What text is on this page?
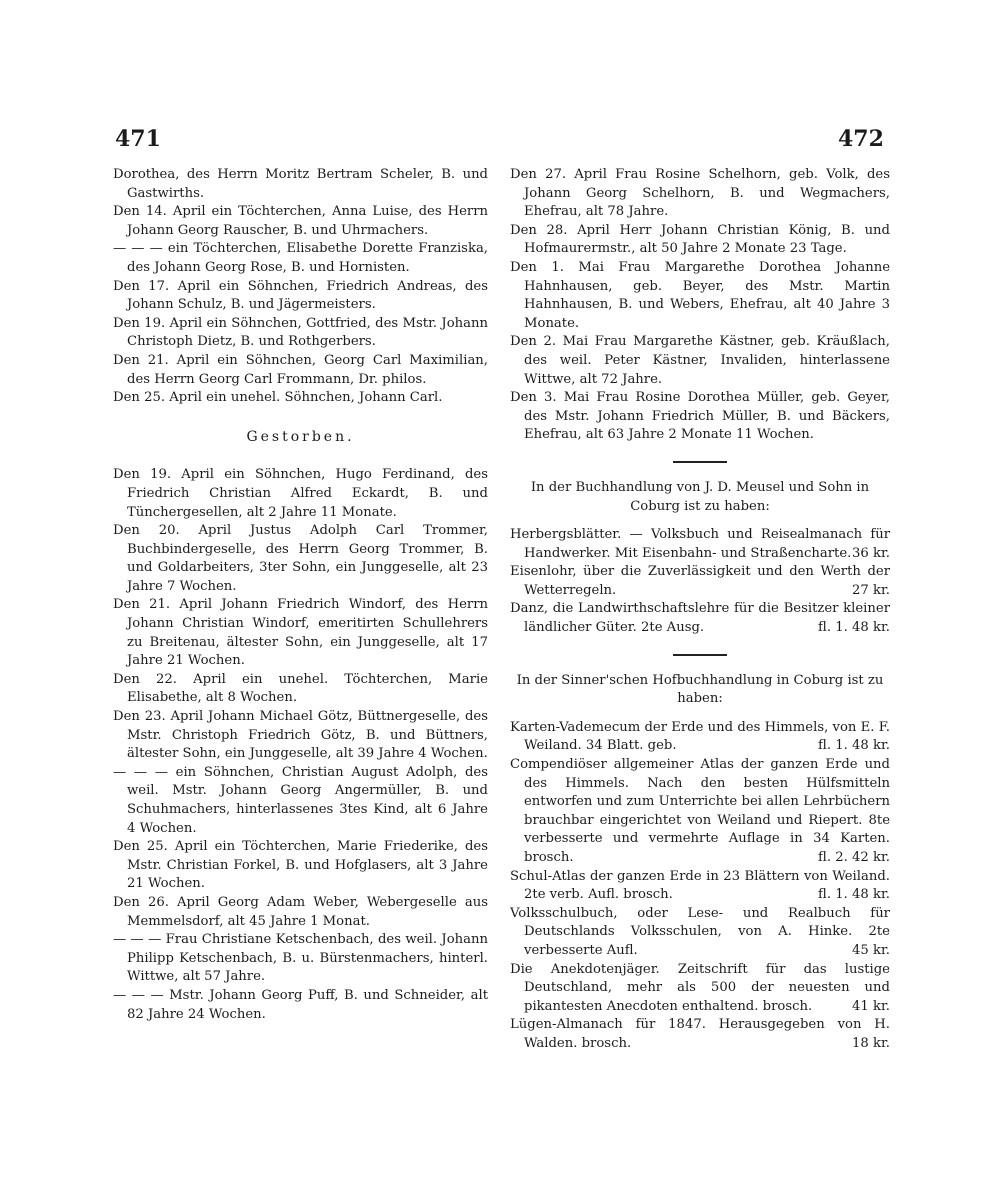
471	472

Dorothea, des Herrn Moritz Bertram Scheler, B. und Gastwirths.

Den 14. April ein Töchterchen, Anna Luise, des Herrn Johann Georg Rauscher, B. und Uhrmachers.

— — — ein Töchterchen, Elisabethe Dorette Franziska, des Johann Georg Rose, B. und Hornisten.

Den 17. April ein Söhnchen, Friedrich Andreas, des Johann Schulz, B. und Jägermeisters.

Den 19. April ein Söhnchen, Gottfried, des Mstr. Johann Christoph Dietz, B. und Rothgerbers.

Den 21. April ein Söhnchen, Georg Carl Maximilian, des Herrn Georg Carl Frommann, Dr. philos.

Den 25. April ein unehel. Söhnchen, Johann Carl.

Gestorben.

Den 19. April ein Söhnchen, Hugo Ferdinand, des Friedrich Christian Alfred Eckardt, B. und Tünchergesellen, alt 2 Jahre 11 Monate.

Den 20. April Justus Adolph Carl Trommer, Buchbindergeselle, des Herrn Georg Trommer, B. und Goldarbeiters, 3ter Sohn, ein Junggeselle, alt 23 Jahre 7 Wochen.

Den 21. April Johann Friedrich Windorf, des Herrn Johann Christian Windorf, emeritirten Schullehrers zu Breitenau, ältester Sohn, ein Junggeselle, alt 17 Jahre 21 Wochen.

Den 22. April ein unehel. Töchterchen, Marie Elisabethe, alt 8 Wochen.

Den 23. April Johann Michael Götz, Büttnergeselle, des Mstr. Christoph Friedrich Götz, B. und Büttners, ältester Sohn, ein Junggeselle, alt 39 Jahre 4 Wochen.

— — — ein Söhnchen, Christian August Adolph, des weil. Mstr. Johann Georg Angermüller, B. und Schuhmachers, hinterlassenes 3tes Kind, alt 6 Jahre 4 Wochen.

Den 25. April ein Töchterchen, Marie Friederike, des Mstr. Christian Forkel, B. und Hofglasers, alt 3 Jahre 21 Wochen.

Den 26. April Georg Adam Weber, Webergeselle aus Memmelsdorf, alt 45 Jahre 1 Monat.

— — — Frau Christiane Ketschenbach, des weil. Johann Philipp Ketschenbach, B. u. Bürstenmachers, hinterl. Wittwe, alt 57 Jahre.

— — — Mstr. Johann Georg Puff, B. und Schneider, alt 82 Jahre 24 Wochen.

Den 27. April Frau Rosine Schelhorn, geb. Volk, des Johann Georg Schelhorn, B. und Wegmachers, Ehefrau, alt 78 Jahre.

Den 28. April Herr Johann Christian König, B. und Hofmaurermstr., alt 50 Jahre 2 Monate 23 Tage.

Den 1. Mai Frau Margarethe Dorothea Johanne Hahnhausen, geb. Beyer, des Mstr. Martin Hahnhausen, B. und Webers, Ehefrau, alt 40 Jahre 3 Monate.

Den 2. Mai Frau Margarethe Kästner, geb. Kräußlach, des weil. Peter Kästner, Invaliden, hinterlassene Wittwe, alt 72 Jahre.

Den 3. Mai Frau Rosine Dorothea Müller, geb. Geyer, des Mstr. Johann Friedrich Müller, B. und Bäckers, Ehefrau, alt 63 Jahre 2 Monate 11 Wochen.

In der Buchhandlung von J. D. Meusel und Sohn in Coburg ist zu haben:

Herbergsblätter. — Volksbuch und Reisealmanach für Handwerker. Mit Eisenbahn- und Straßencharte. 36 kr.

Eisenlohr, über die Zuverlässigkeit und den Werth der Wetterregeln.	27 kr.

Danz, die Landwirthschaftslehre für die Besitzer kleiner ländlicher Güter. 2te Ausg.	fl. 1. 48 kr.

In der Sinner'schen Hofbuchhandlung in Coburg ist zu haben:

Karten-Vademecum der Erde und des Himmels, von E. F. Weiland. 34 Blatt. geb.	fl. 1. 48 kr.

Compendiöser allgemeiner Atlas der ganzen Erde und des Himmels. Nach den besten Hülfsmitteln entworfen und zum Unterrichte bei allen Lehrbüchern brauchbar eingerichtet von Weiland und Riepert. 8te verbesserte und vermehrte Auflage in 34 Karten. brosch.	fl. 2. 42 kr.

Schul-Atlas der ganzen Erde in 23 Blättern von Weiland. 2te verb. Aufl. brosch.	fl. 1. 48 kr.

Volksschulbuch, oder Lese- und Realbuch für Deutschlands Volksschulen, von A. Hinke. 2te verbesserte Aufl.	45 kr.

Die Anekdotenjäger. Zeitschrift für das lustige Deutschland, mehr als 500 der neuesten und pikantesten Anecdoten enthaltend. brosch.	41 kr.

Lügen-Almanach für 1847. Herausgegeben von H. Walden. brosch.	18 kr.
